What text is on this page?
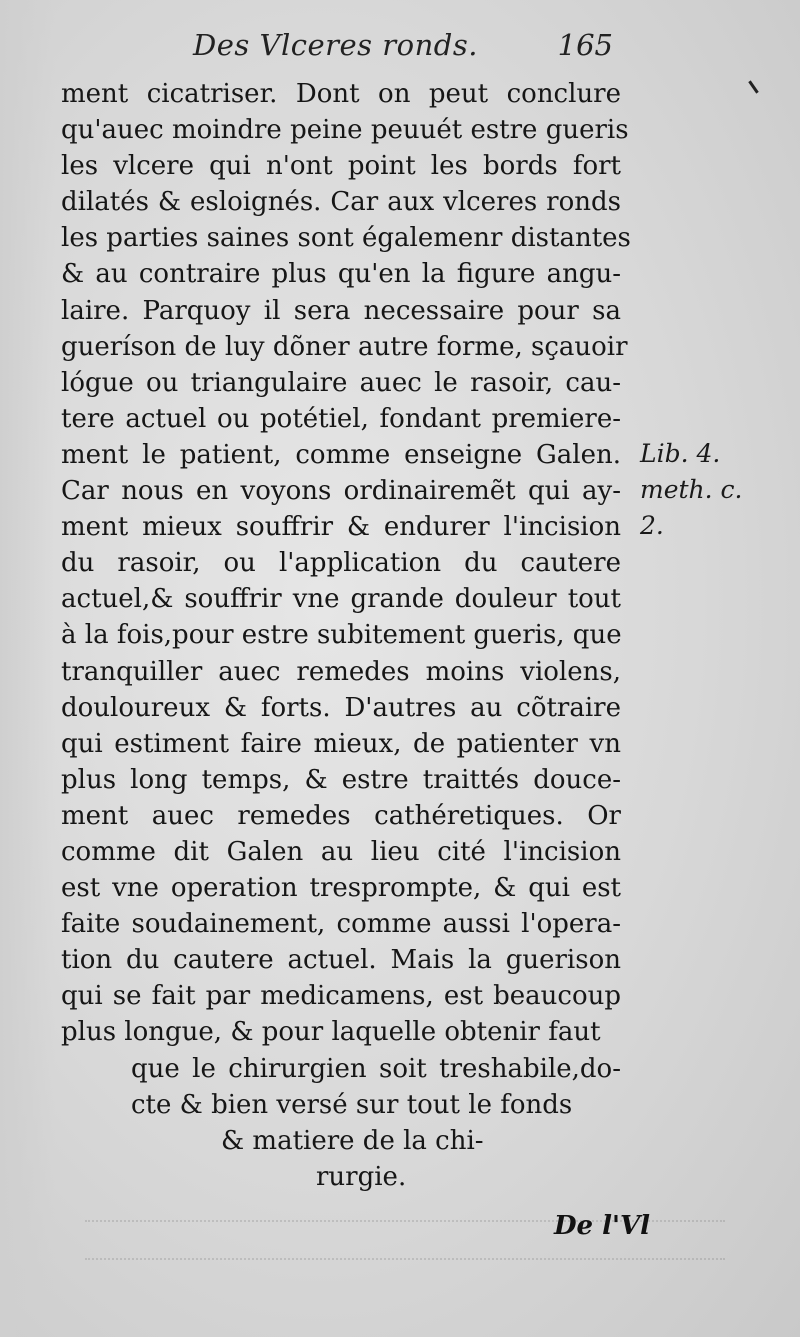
Des Vlceres ronds.	165
ment cicatriser. Dont on peut conclure
qu'auec moindre peine peuuét estre gueris
les vlcere qui n'ont point les bords fort
dilatés & esloignés. Car aux vlceres ronds
les parties saines sont égalemenr distantes
& au contraire plus qu'en la figure angu-
laire. Parquoy il sera necessaire pour sa
gueríson de luy dõner autre forme, sçauoir
lógue ou triangulaire auec le rasoir, cau-
tere actuel ou potétiel, fondant premiere-
ment le patient, comme enseigne Galen.
Car nous en voyons ordinairemẽt qui ay-
ment mieux souffrir & endurer l'incision
du rasoir, ou l'application du cautere
actuel,& souffrir vne grande douleur tout
à la fois,pour estre subitement gueris, que
tranquiller auec remedes moins violens,
douloureux & forts. D'autres au cõtraire
qui estiment faire mieux, de patienter vn
plus long temps, & estre traittés douce-
ment auec remedes cathéretiques. Or
comme dit Galen au lieu cité l'incision
est vne operation tresprompte, & qui est
faite soudainement, comme aussi l'opera-
tion du cautere actuel. Mais la guerison
qui se fait par medicamens, est beaucoup
plus longue, & pour laquelle obtenir faut
que le chirurgien soit treshabile,do-
cte & bien versé sur tout le fonds
& matiere de la chi-
rurgie.
Lib. 4.
meth. c.
2.
De l'Vl
